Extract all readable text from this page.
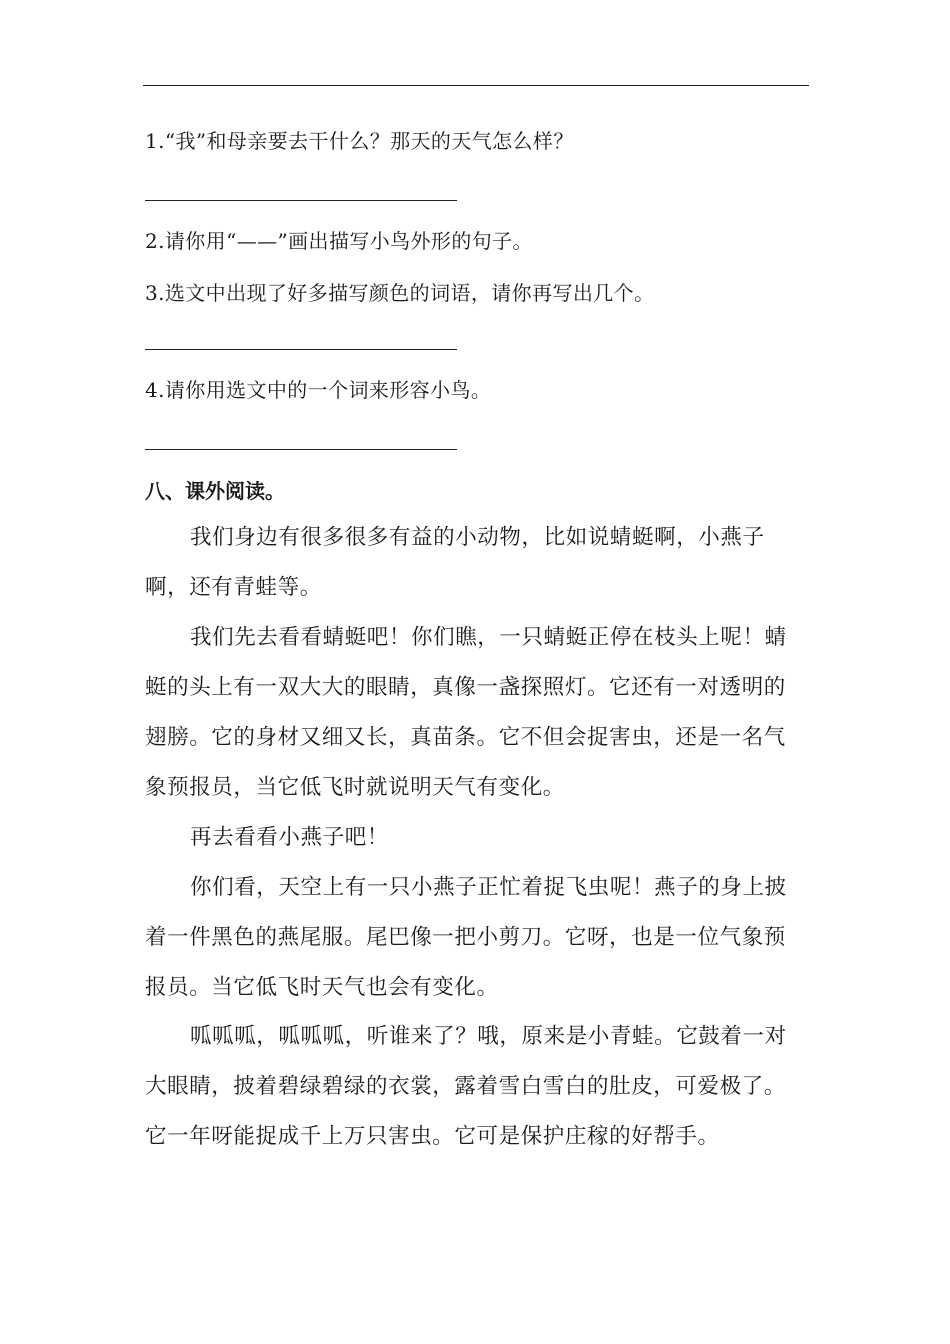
1.“我”和母亲要去干什么？那天的天气怎么样？
2.请你用“——”画出描写小鸟外形的句子。
3.选文中出现了好多描写颜色的词语，请你再写出几个。
4.请你用选文中的一个词来形容小鸟。
八、课外阅读。
我们身边有很多很多有益的小动物，比如说蜻蜓啊，小燕子
啊，还有青蛙等。
我们先去看看蜻蜓吧！你们瞧，一只蜻蜓正停在枝头上呢！蜻
蜓的头上有一双大大的眼睛，真像一盏探照灯。它还有一对透明的
翅膀。它的身材又细又长，真苗条。它不但会捉害虫，还是一名气
象预报员，当它低飞时就说明天气有变化。
再去看看小燕子吧！
你们看，天空上有一只小燕子正忙着捉飞虫呢！燕子的身上披
着一件黑色的燕尾服。尾巴像一把小剪刀。它呀，也是一位气象预
报员。当它低飞时天气也会有变化。
呱呱呱，呱呱呱，听谁来了？哦，原来是小青蛙。它鼓着一对
大眼睛，披着碧绿碧绿的衣裳，露着雪白雪白的肚皮，可爱极了。
它一年呀能捉成千上万只害虫。它可是保护庄稼的好帮手。
